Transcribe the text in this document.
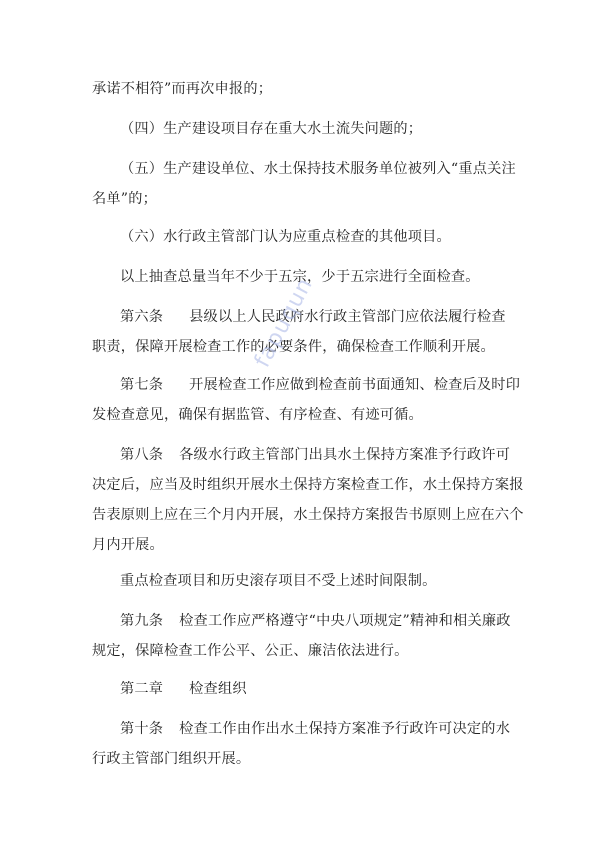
承诺不相符”而再次申报的；

（四）生产建设项目存在重大水土流失问题的；

（五）生产建设单位、水土保持技术服务单位被列入“重点关注
名单”的；

（六）水行政主管部门认为应重点检查的其他项目。

以上抽查总量当年不少于五宗，少于五宗进行全面检查。

第六条 县级以上人民政府水行政主管部门应依法履行检查
职责，保障开展检查工作的必要条件，确保检查工作顺利开展。

第七条 开展检查工作应做到检查前书面通知、检查后及时印
发检查意见，确保有据监管、有序检查、有迹可循。

第八条 各级水行政主管部门出具水土保持方案准予行政许可
决定后，应当及时组织开展水土保持方案检查工作，水土保持方案报
告表原则上应在三个月内开展，水土保持方案报告书原则上应在六个
月内开展。

重点检查项目和历史滚存项目不受上述时间限制。

第九条 检查工作应严格遵守“中央八项规定”精神和相关廉政
规定，保障检查工作公平、公正、廉洁依法进行。

第二章 检查组织

第十条 检查工作由作出水土保持方案准予行政许可决定的水
行政主管部门组织开展。

fapuqun
